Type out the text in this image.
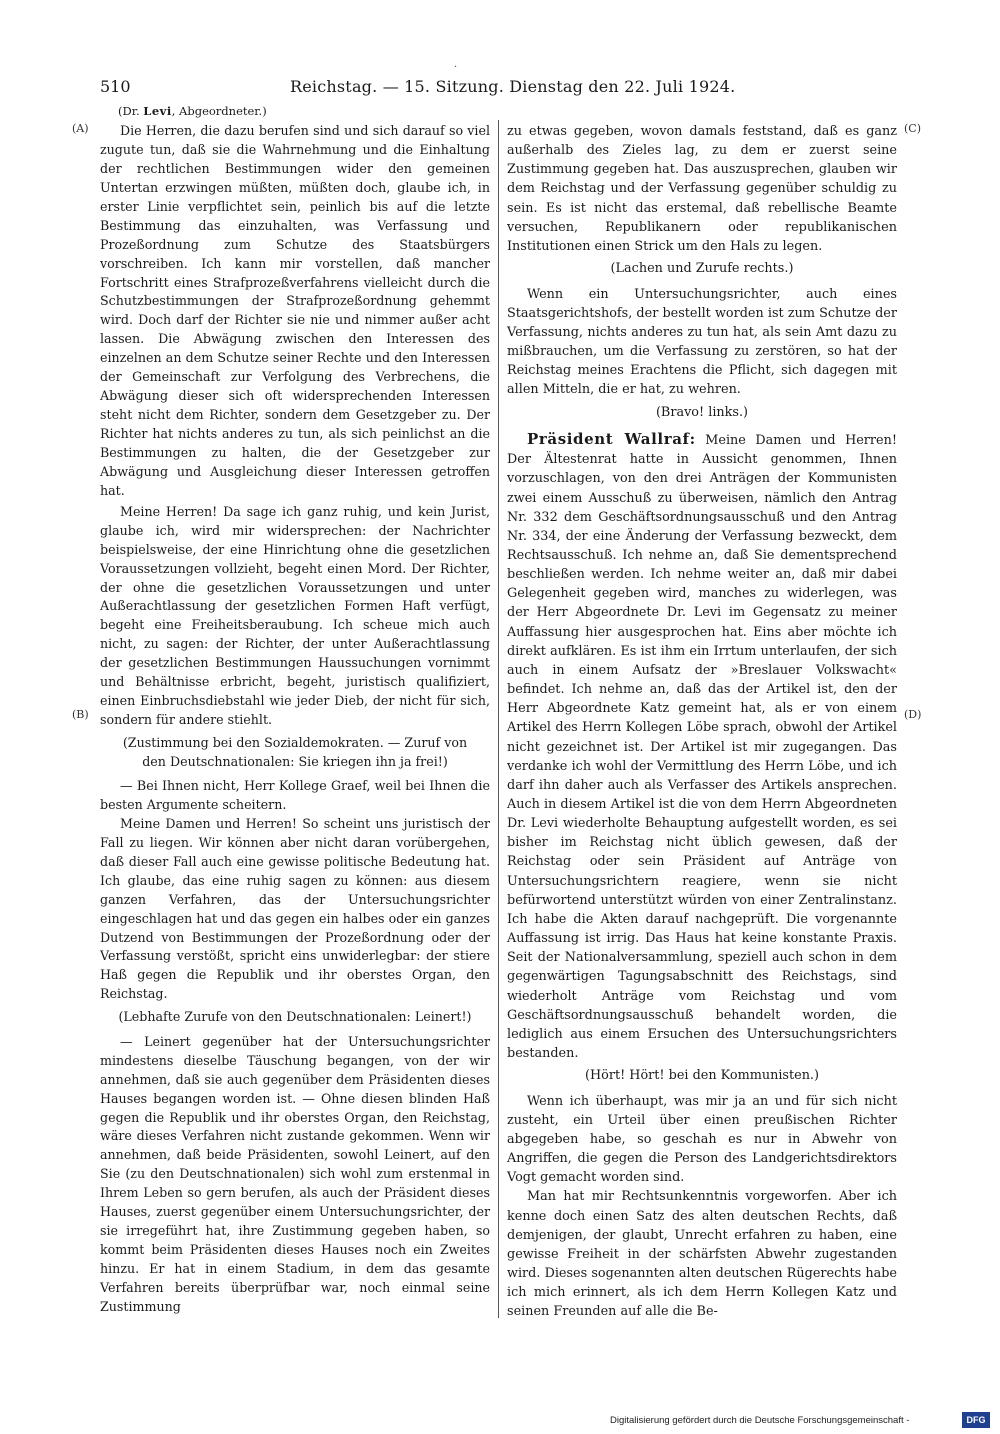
·
510	Reichstag. — 15. Sitzung. Dienstag den 22. Juli 1924.
(Dr. Levi, Abgeordneter.)
(A)
(B)
(C)
(D)

Die Herren, die dazu berufen sind und sich darauf so viel zugute tun, daß sie die Wahrnehmung und die Einhaltung der rechtlichen Bestimmungen wider den gemeinen Untertan erzwingen müßten, müßten doch, glaube ich, in erster Linie verpflichtet sein, peinlich bis auf die letzte Bestimmung das einzuhalten, was Verfassung und Prozeßordnung zum Schutze des Staatsbürgers vorschreiben. Ich kann mir vorstellen, daß mancher Fortschritt eines Strafprozeßverfahrens vielleicht durch die Schutzbestimmungen der Strafprozeßordnung gehemmt wird. Doch darf der Richter sie nie und nimmer außer acht lassen. Die Abwägung zwischen den Interessen des einzelnen an dem Schutze seiner Rechte und den Interessen der Gemeinschaft zur Verfolgung des Verbrechens, die Abwägung dieser sich oft widersprechenden Interessen steht nicht dem Richter, sondern dem Gesetzgeber zu. Der Richter hat nichts anderes zu tun, als sich peinlichst an die Bestimmungen zu halten, die der Gesetzgeber zur Abwägung und Ausgleichung dieser Interessen getroffen hat.

Meine Herren! Da sage ich ganz ruhig, und kein Jurist, glaube ich, wird mir widersprechen: der Nachrichter beispielsweise, der eine Hinrichtung ohne die gesetzlichen Voraussetzungen vollzieht, begeht einen Mord. Der Richter, der ohne die gesetzlichen Voraussetzungen und unter Außerachtlassung der gesetzlichen Formen Haft verfügt, begeht eine Freiheitsberaubung. Ich scheue mich auch nicht, zu sagen: der Richter, der unter Außerachtlassung der gesetzlichen Bestimmungen Haussuchungen vornimmt und Behältnisse erbricht, begeht, juristisch qualifiziert, einen Einbruchsdiebstahl wie jeder Dieb, der nicht für sich, sondern für andere stiehlt.

(Zustimmung bei den Sozialdemokraten. — Zuruf von den Deutschnationalen: Sie kriegen ihn ja frei!)

— Bei Ihnen nicht, Herr Kollege Graef, weil bei Ihnen die besten Argumente scheitern.

Meine Damen und Herren! So scheint uns juristisch der Fall zu liegen. Wir können aber nicht daran vorübergehen, daß dieser Fall auch eine gewisse politische Bedeutung hat. Ich glaube, das eine ruhig sagen zu können: aus diesem ganzen Verfahren, das der Untersuchungsrichter eingeschlagen hat und das gegen ein halbes oder ein ganzes Dutzend von Bestimmungen der Prozeßordnung oder der Verfassung verstößt, spricht eins unwiderlegbar: der stiere Haß gegen die Republik und ihr oberstes Organ, den Reichstag.

(Lebhafte Zurufe von den Deutschnationalen: Leinert!)

— Leinert gegenüber hat der Untersuchungsrichter mindestens dieselbe Täuschung begangen, von der wir annehmen, daß sie auch gegenüber dem Präsidenten dieses Hauses begangen worden ist. — Ohne diesen blinden Haß gegen die Republik und ihr oberstes Organ, den Reichstag, wäre dieses Verfahren nicht zustande gekommen. Wenn wir annehmen, daß beide Präsidenten, sowohl Leinert, auf den Sie (zu den Deutschnationalen) sich wohl zum erstenmal in Ihrem Leben so gern berufen, als auch der Präsident dieses Hauses, zuerst gegenüber einem Untersuchungsrichter, der sie irregeführt hat, ihre Zustimmung gegeben haben, so kommt beim Präsidenten dieses Hauses noch ein Zweites hinzu. Er hat in einem Stadium, in dem das gesamte Verfahren bereits überprüfbar war, noch einmal seine Zustimmung

zu etwas gegeben, wovon damals feststand, daß es ganz außerhalb des Zieles lag, zu dem er zuerst seine Zustimmung gegeben hat. Das auszusprechen, glauben wir dem Reichstag und der Verfassung gegenüber schuldig zu sein. Es ist nicht das erstemal, daß rebellische Beamte versuchen, Republikanern oder republikanischen Institutionen einen Strick um den Hals zu legen.

(Lachen und Zurufe rechts.)

Wenn ein Untersuchungsrichter, auch eines Staatsgerichtshofs, der bestellt worden ist zum Schutze der Verfassung, nichts anderes zu tun hat, als sein Amt dazu zu mißbrauchen, um die Verfassung zu zerstören, so hat der Reichstag meines Erachtens die Pflicht, sich dagegen mit allen Mitteln, die er hat, zu wehren.

(Bravo! links.)

Präsident Wallraf: Meine Damen und Herren! Der Ältestenrat hatte in Aussicht genommen, Ihnen vorzuschlagen, von den drei Anträgen der Kommunisten zwei einem Ausschuß zu überweisen, nämlich den Antrag Nr. 332 dem Geschäftsordnungsausschuß und den Antrag Nr. 334, der eine Änderung der Verfassung bezweckt, dem Rechtsausschuß. Ich nehme an, daß Sie dementsprechend beschließen werden. Ich nehme weiter an, daß mir dabei Gelegenheit gegeben wird, manches zu widerlegen, was der Herr Abgeordnete Dr. Levi im Gegensatz zu meiner Auffassung hier ausgesprochen hat. Eins aber möchte ich direkt aufklären. Es ist ihm ein Irrtum unterlaufen, der sich auch in einem Aufsatz der »Breslauer Volkswacht« befindet. Ich nehme an, daß das der Artikel ist, den der Herr Abgeordnete Katz gemeint hat, als er von einem Artikel des Herrn Kollegen Löbe sprach, obwohl der Artikel nicht gezeichnet ist. Der Artikel ist mir zugegangen. Das verdanke ich wohl der Vermittlung des Herrn Löbe, und ich darf ihn daher auch als Verfasser des Artikels ansprechen. Auch in diesem Artikel ist die von dem Herrn Abgeordneten Dr. Levi wiederholte Behauptung aufgestellt worden, es sei bisher im Reichstag nicht üblich gewesen, daß der Reichstag oder sein Präsident auf Anträge von Untersuchungsrichtern reagiere, wenn sie nicht befürwortend unterstützt würden von einer Zentralinstanz. Ich habe die Akten darauf nachgeprüft. Die vorgenannte Auffassung ist irrig. Das Haus hat keine konstante Praxis. Seit der Nationalversammlung, speziell auch schon in dem gegenwärtigen Tagungsabschnitt des Reichstags, sind wiederholt Anträge vom Reichstag und vom Geschäftsordnungsausschuß behandelt worden, die lediglich aus einem Ersuchen des Untersuchungsrichters bestanden.

(Hört! Hört! bei den Kommunisten.)

Wenn ich überhaupt, was mir ja an und für sich nicht zusteht, ein Urteil über einen preußischen Richter abgegeben habe, so geschah es nur in Abwehr von Angriffen, die gegen die Person des Landgerichtsdirektors Vogt gemacht worden sind.

Man hat mir Rechtsunkenntnis vorgeworfen. Aber ich kenne doch einen Satz des alten deutschen Rechts, daß demjenigen, der glaubt, Unrecht erfahren zu haben, eine gewisse Freiheit in der schärfsten Abwehr zugestanden wird. Dieses sogenannten alten deutschen Rügerechts habe ich mich erinnert, als ich dem Herrn Kollegen Katz und seinen Freunden auf alle die Be-

Digitalisierung gefördert durch die Deutsche Forschungsgemeinschaft -	DFG
